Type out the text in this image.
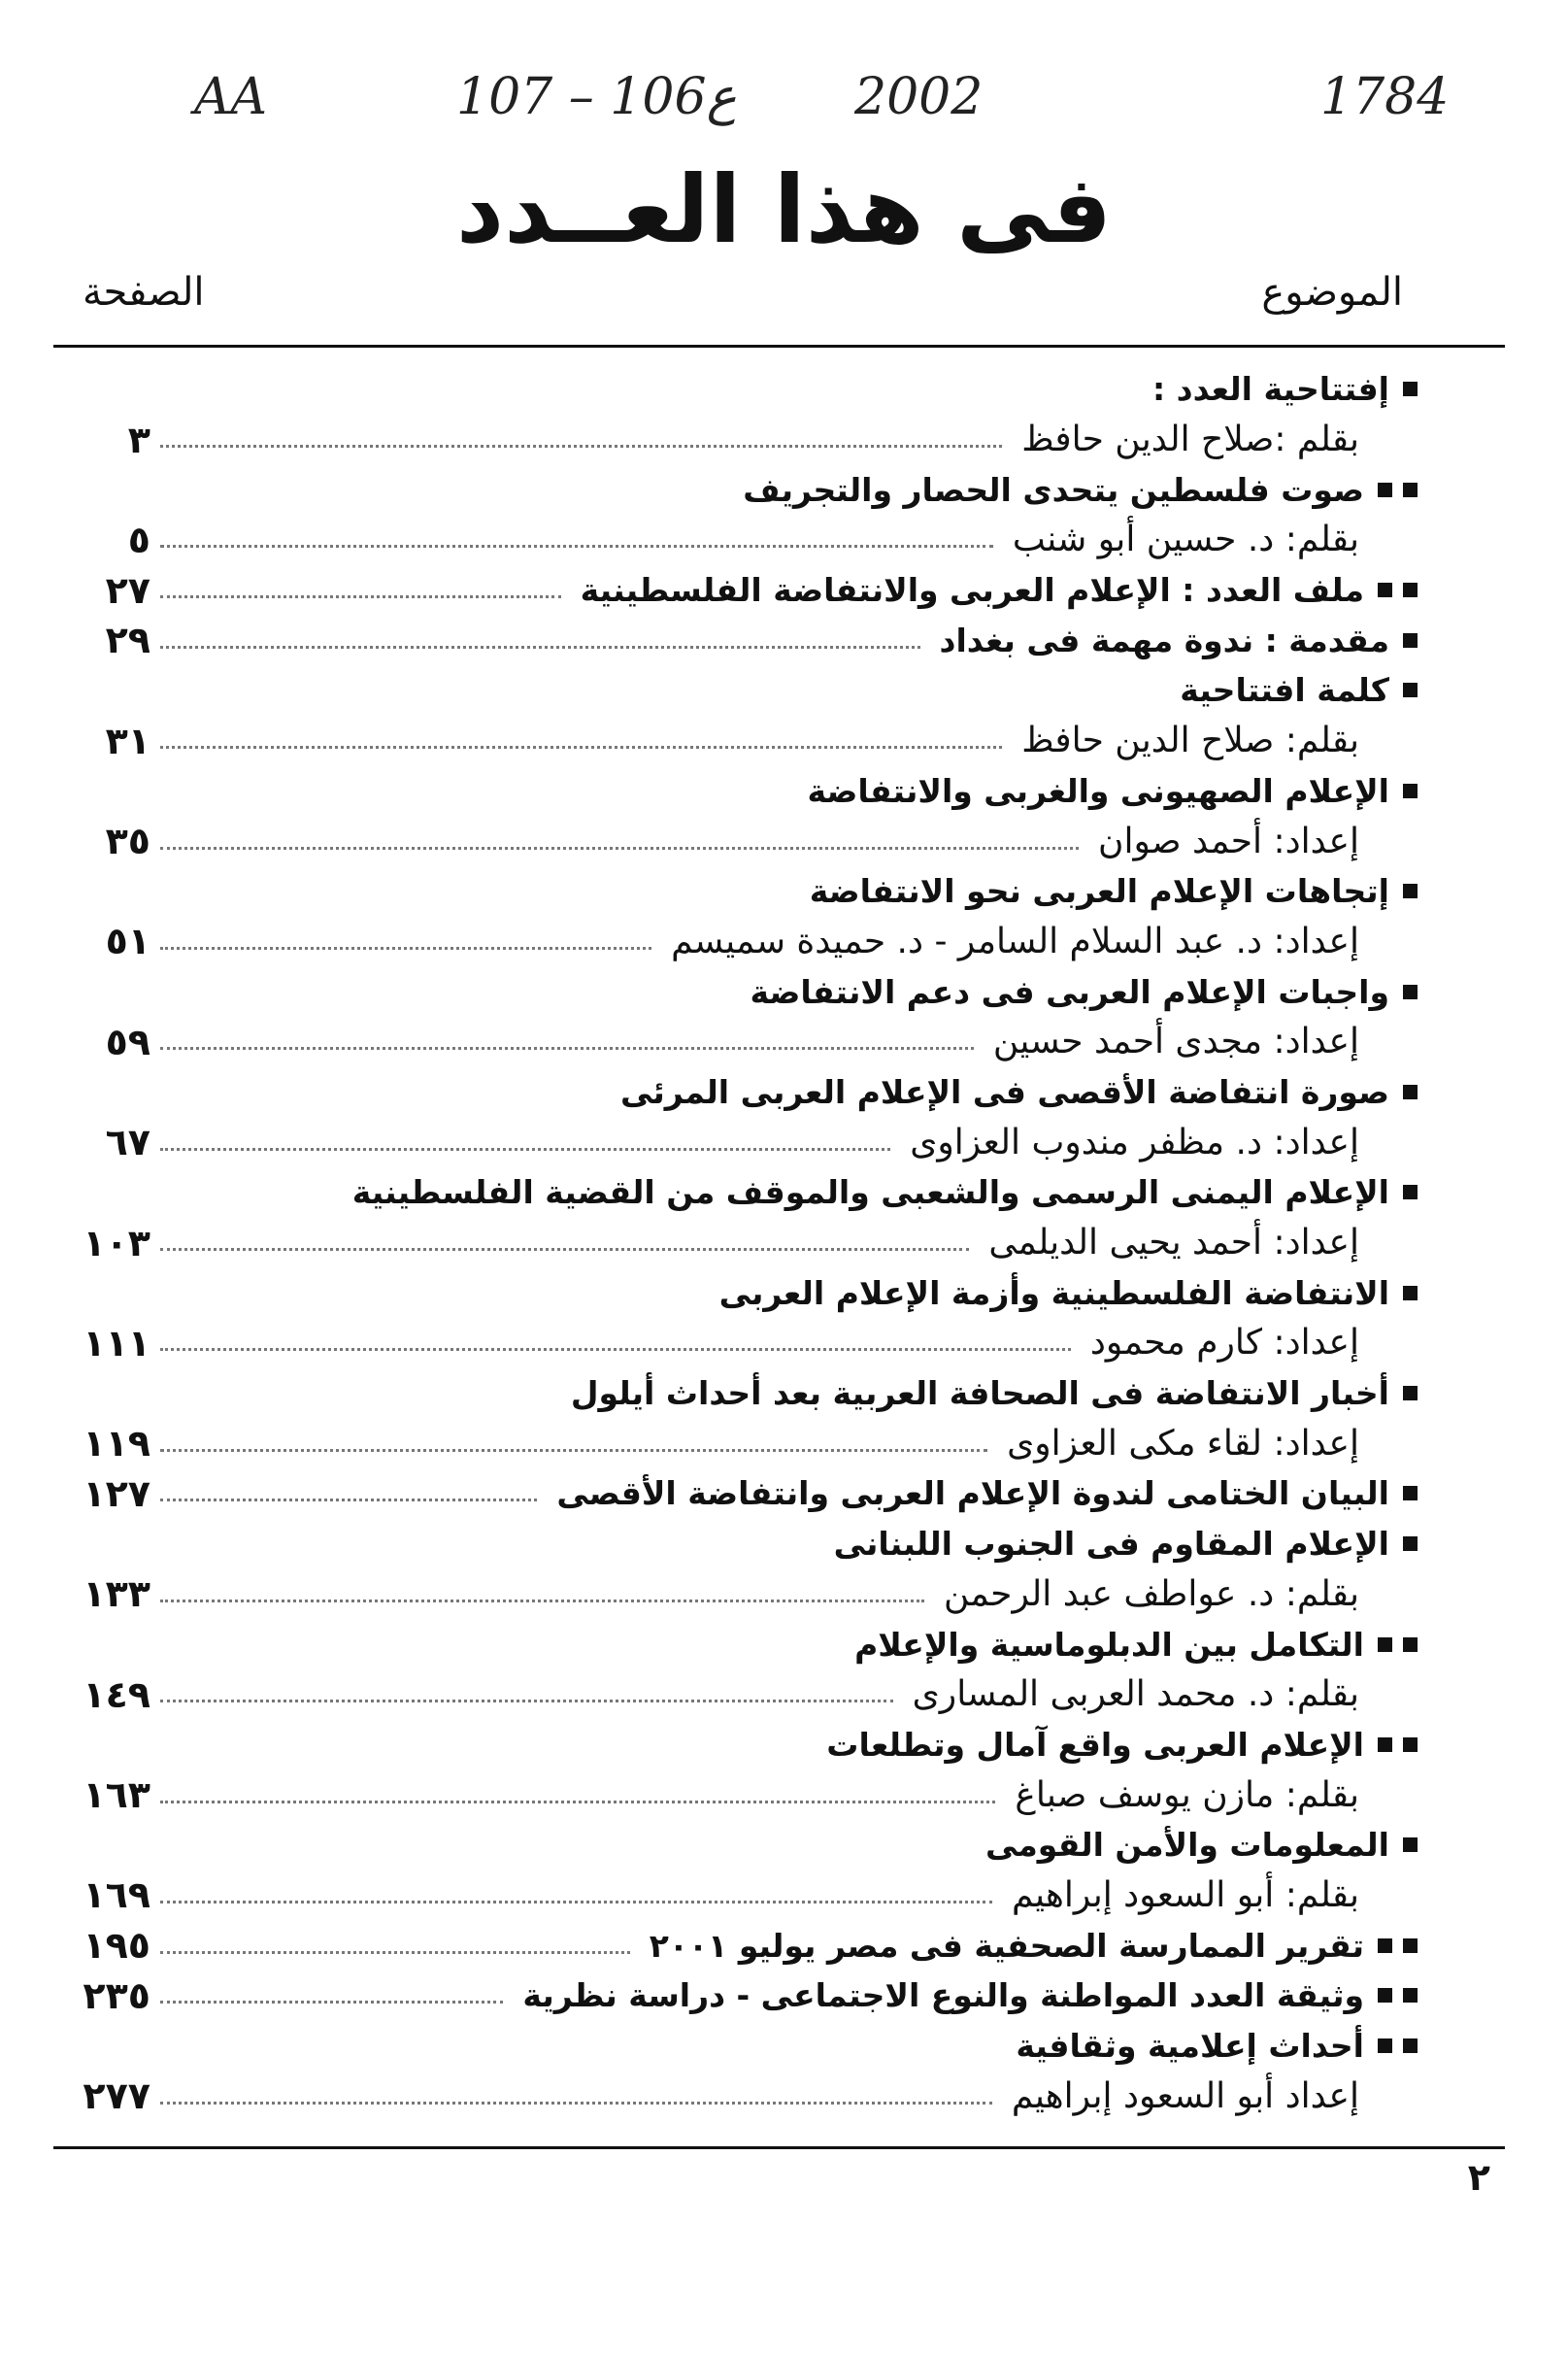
AA	107 – 106ع 2002	1784
فى هذا العــدد
الموضوع
الصفحة
إفتتاحية العدد :
بقلم :صلاح الدين حافظ
٣
صوت فلسطين يتحدى الحصار والتجريف
بقلم: د. حسين أبو شنب
٥
ملف العدد : الإعلام العربى والانتفاضة الفلسطينية
٢٧
مقدمة : ندوة مهمة فى بغداد
٢٩
كلمة افتتاحية
بقلم: صلاح الدين حافظ
٣١
الإعلام الصهيونى والغربى والانتفاضة
إعداد: أحمد صوان
٣٥
إتجاهات الإعلام العربى نحو الانتفاضة
إعداد: د. عبد السلام السامر - د. حميدة سميسم
٥١
واجبات الإعلام العربى فى دعم الانتفاضة
إعداد: مجدى أحمد حسين
٥٩
صورة انتفاضة الأقصى فى الإعلام العربى المرئى
إعداد: د. مظفر مندوب العزاوى
٦٧
الإعلام اليمنى الرسمى والشعبى والموقف من القضية الفلسطينية
إعداد: أحمد يحيى الديلمى
١٠٣
الانتفاضة الفلسطينية وأزمة الإعلام العربى
إعداد: كارم محمود
١١١
أخبار الانتفاضة فى الصحافة العربية بعد أحداث أيلول
إعداد: لقاء مكى العزاوى
١١٩
البيان الختامى لندوة الإعلام العربى وانتفاضة الأقصى
١٢٧
الإعلام المقاوم فى الجنوب اللبنانى
بقلم: د. عواطف عبد الرحمن
١٣٣
التكامل بين الدبلوماسية والإعلام
بقلم: د. محمد العربى المسارى
١٤٩
الإعلام العربى واقع آمال وتطلعات
بقلم: مازن يوسف صباغ
١٦٣
المعلومات والأمن القومى
بقلم: أبو السعود إبراهيم
١٦٩
تقرير الممارسة الصحفية فى مصر يوليو ٢٠٠١
١٩٥
وثيقة العدد المواطنة والنوع الاجتماعى - دراسة نظرية
٢٣٥
أحداث إعلامية وثقافية
إعداد أبو السعود إبراهيم
٢٧٧
٢
